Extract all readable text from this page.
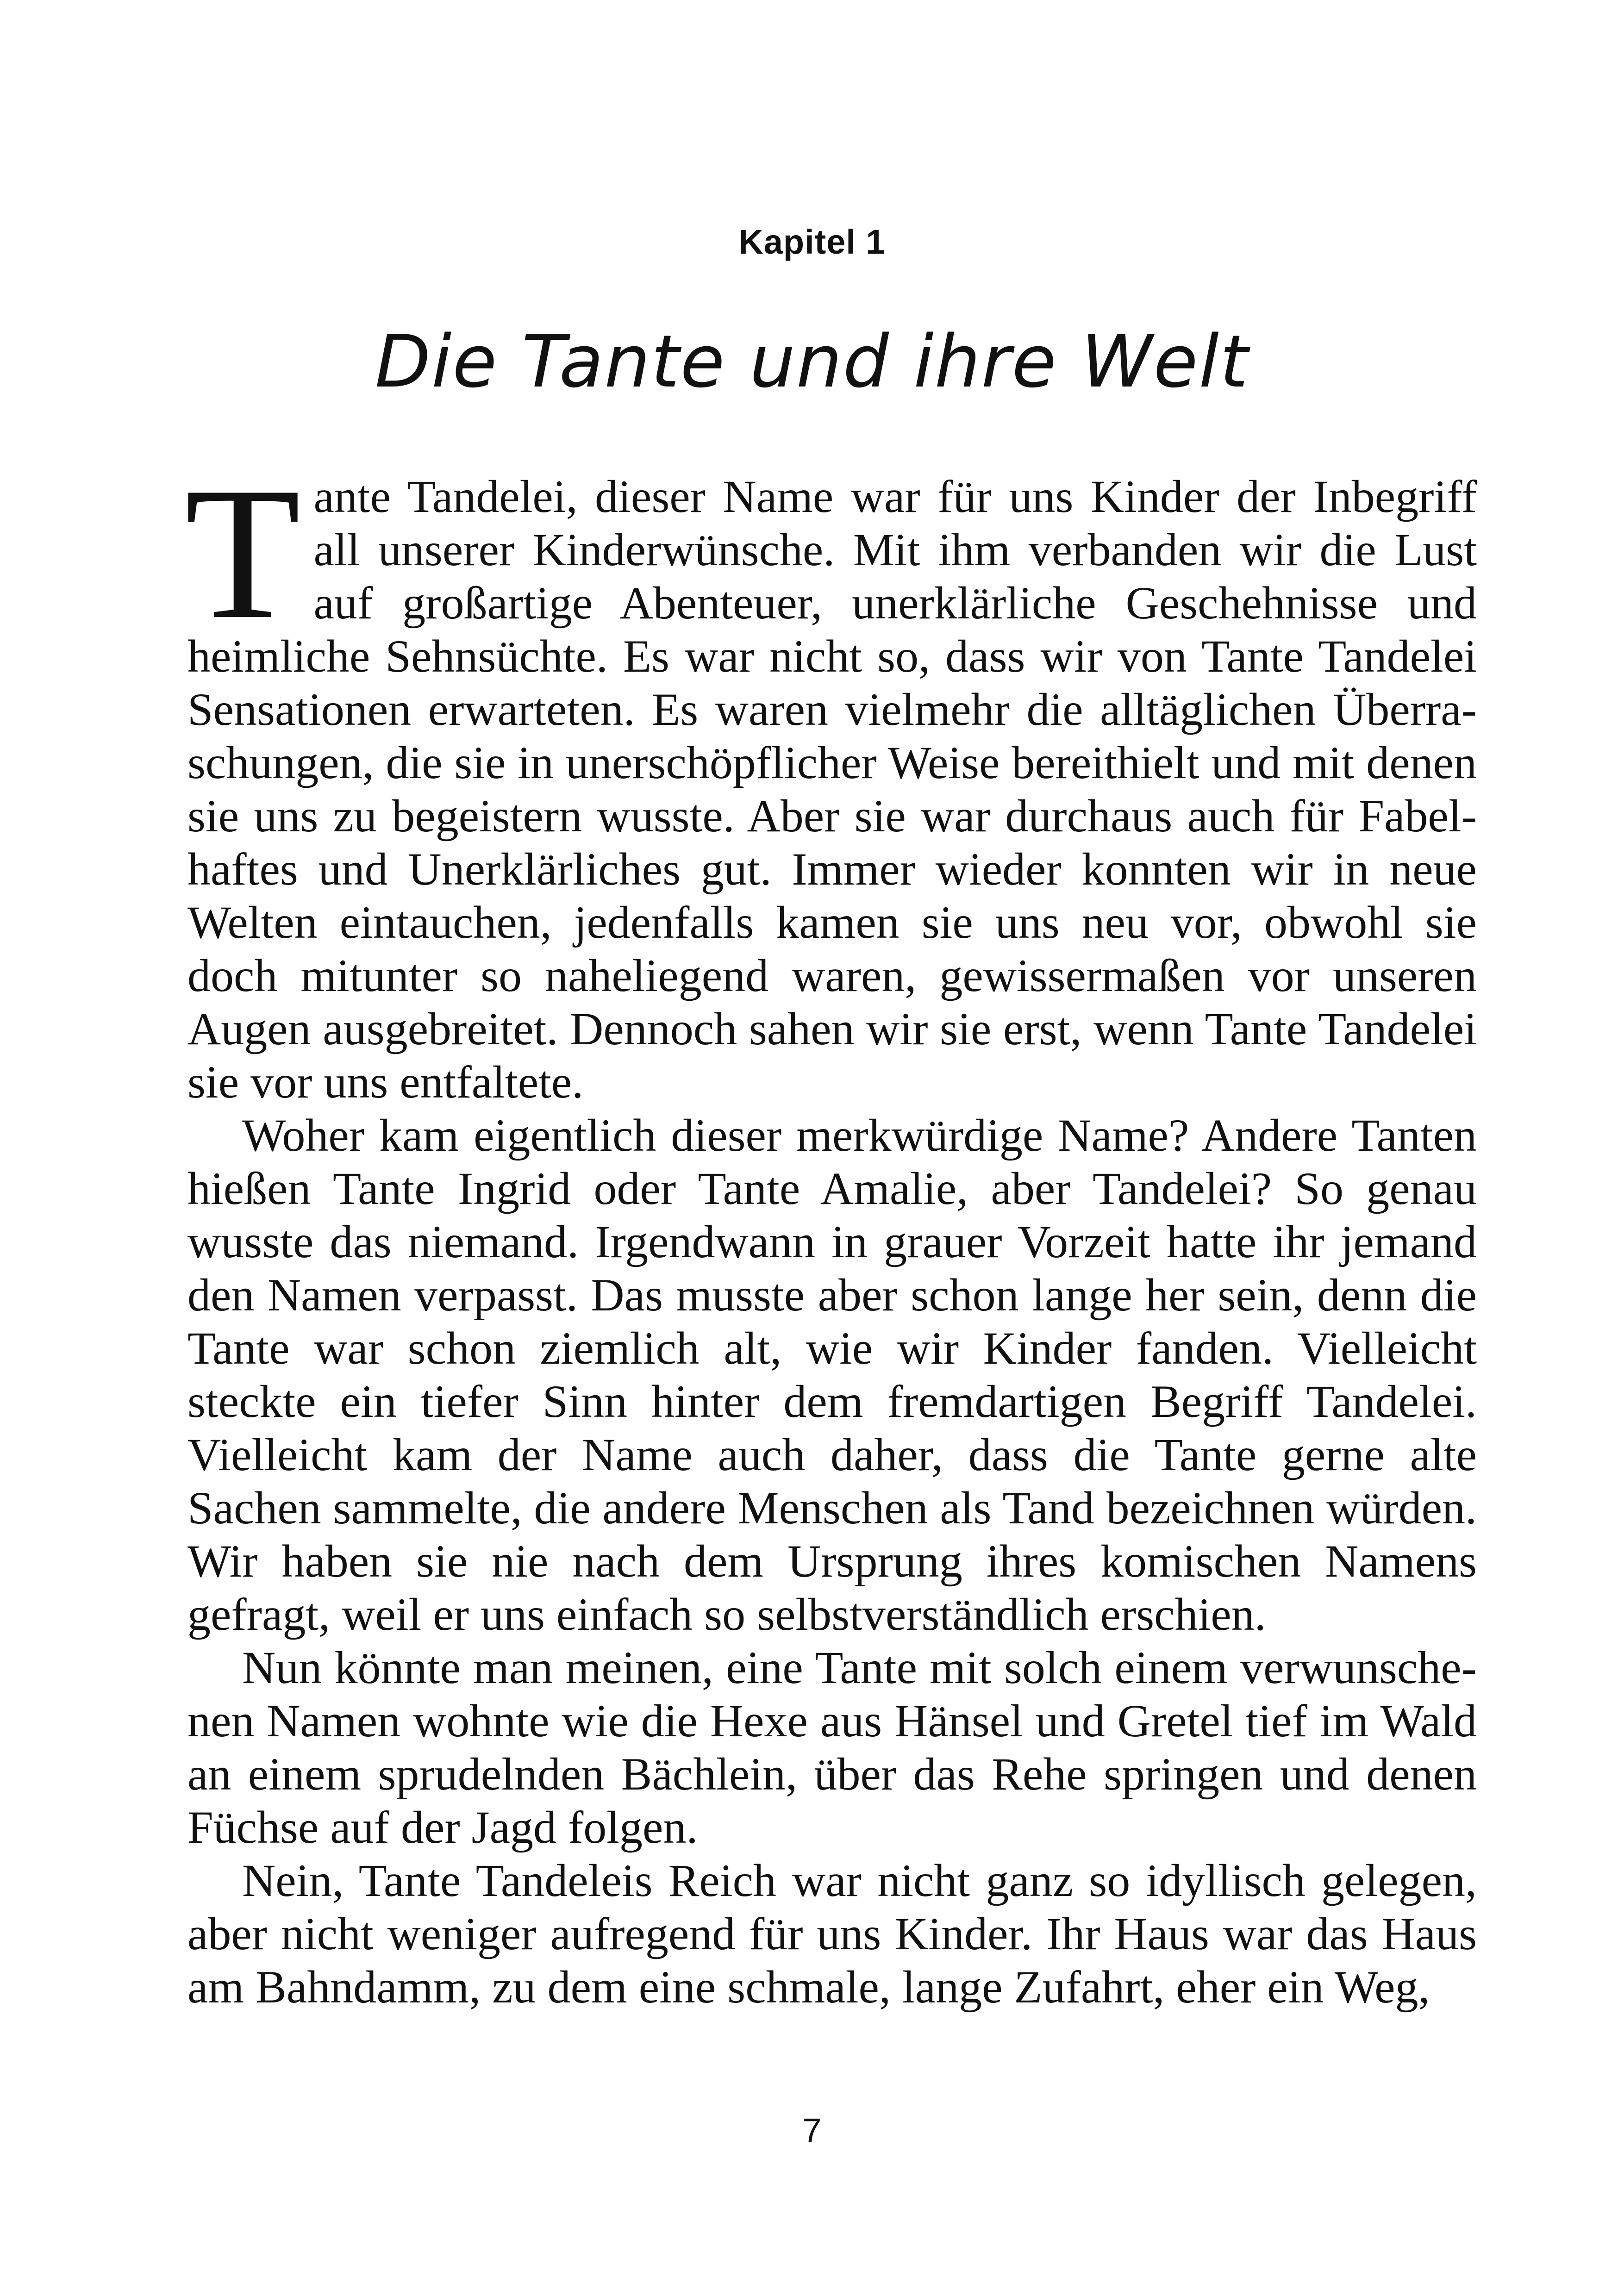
Kapitel 1
Die Tante und ihre Welt

Tante Tandelei, dieser Name war für uns Kinder der Inbegriff all unserer Kinderwünsche. Mit ihm verbanden wir die Lust auf großartige Abenteuer, unerklärliche Geschehnisse und heimliche Sehnsüchte. Es war nicht so, dass wir von Tante Tandelei Sensationen erwarteten. Es waren vielmehr die alltäglichen Überraschungen, die sie in unerschöpflicher Weise bereithielt und mit denen sie uns zu begeistern wusste. Aber sie war durchaus auch für Fabelhaftes und Unerklärliches gut. Immer wieder konnten wir in neue Welten eintauchen, jedenfalls kamen sie uns neu vor, obwohl sie doch mitunter so naheliegend waren, gewissermaßen vor unseren Augen ausgebreitet. Dennoch sahen wir sie erst, wenn Tante Tandelei sie vor uns entfaltete.

Woher kam eigentlich dieser merkwürdige Name? Andere Tanten hießen Tante Ingrid oder Tante Amalie, aber Tandelei? So genau wusste das niemand. Irgendwann in grauer Vorzeit hatte ihr jemand den Namen verpasst. Das musste aber schon lange her sein, denn die Tante war schon ziemlich alt, wie wir Kinder fanden. Vielleicht steckte ein tiefer Sinn hinter dem fremdartigen Begriff Tandelei. Vielleicht kam der Name auch daher, dass die Tante gerne alte Sachen sammelte, die andere Menschen als Tand bezeichnen würden. Wir haben sie nie nach dem Ursprung ihres komischen Namens gefragt, weil er uns einfach so selbstverständlich erschien.

Nun könnte man meinen, eine Tante mit solch einem verwunschenen Namen wohnte wie die Hexe aus Hänsel und Gretel tief im Wald an einem sprudelnden Bächlein, über das Rehe springen und denen Füchse auf der Jagd folgen.

Nein, Tante Tandeleis Reich war nicht ganz so idyllisch gelegen, aber nicht weniger aufregend für uns Kinder. Ihr Haus war das Haus am Bahndamm, zu dem eine schmale, lange Zufahrt, eher ein Weg,

7
